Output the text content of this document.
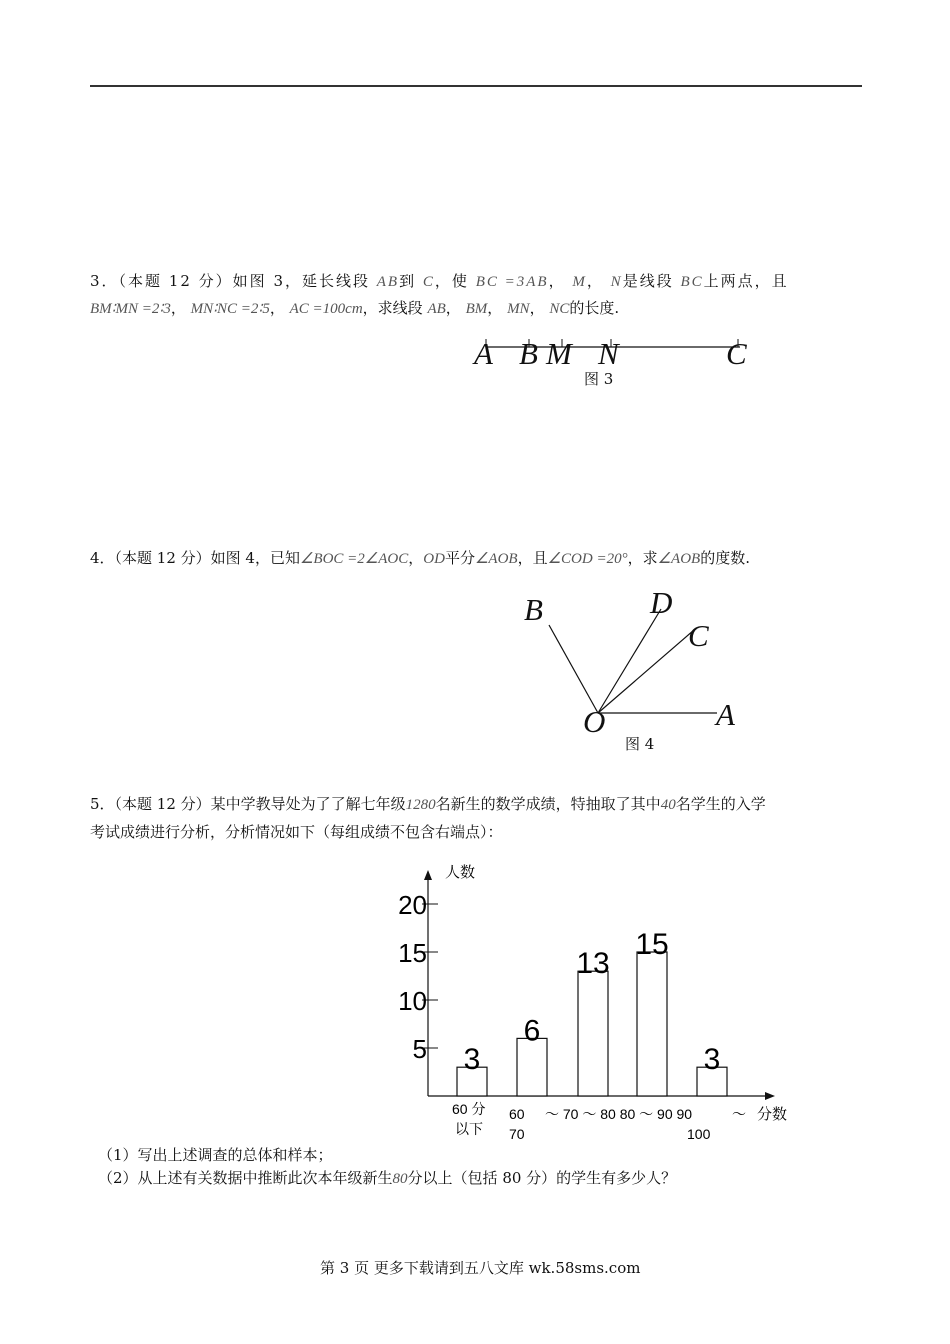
3．（本题 12 分）如图 3，延长线段 AB到 C，使 BC =3AB， M， N是线段 BC上两点，且
BM∶MN =2∶3， MN∶NC =2∶5， AC =100cm，求线段 AB， BM， MN， NC的长度.
A B M N	C
图 3
4．（本题 12 分）如图 4，已知∠BOC =2∠AOC，OD平分∠AOB，且∠COD =20°，求∠AOB的度数.
B	D
C
O	A
图 4
5．（本题 12 分）某中学教导处为了了解七年级1280名新生的数学成绩，特抽取了其中40名学生的入学
考试成绩进行分析，分析情况如下（每组成绩不包含右端点）：
人数
分数
5
10
15
20
3
6
13
15
3
60 分
以下
60
70
～ 70 ～ 80 80 ～ 90 90	～
100
（1）写出上述调查的总体和样本；
（2）从上述有关数据中推断此次本年级新生80分以上（包括 80 分）的学生有多少人？
第 3 页 更多下载请到五八文库 wk.58sms.com
